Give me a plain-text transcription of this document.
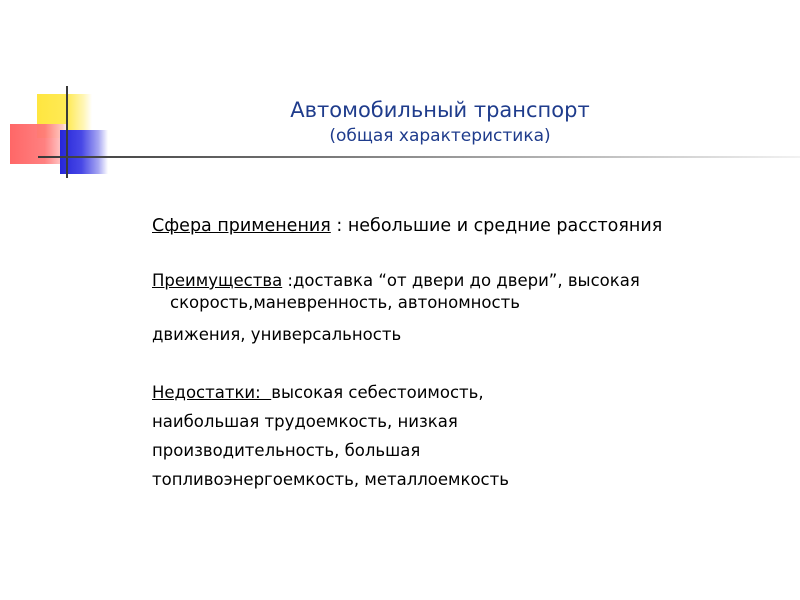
Автомобильный транспорт
(общая характеристика)
Сфера применения : небольшие и средние расстояния
Преимущества :доставка “от двери до двери”, высокая
скорость,маневренность, автономность
движения, универсальность
Недостатки:  высокая себестоимость,
наибольшая трудоемкость, низкая
производительность, большая
топливоэнергоемкость, металлоемкость
